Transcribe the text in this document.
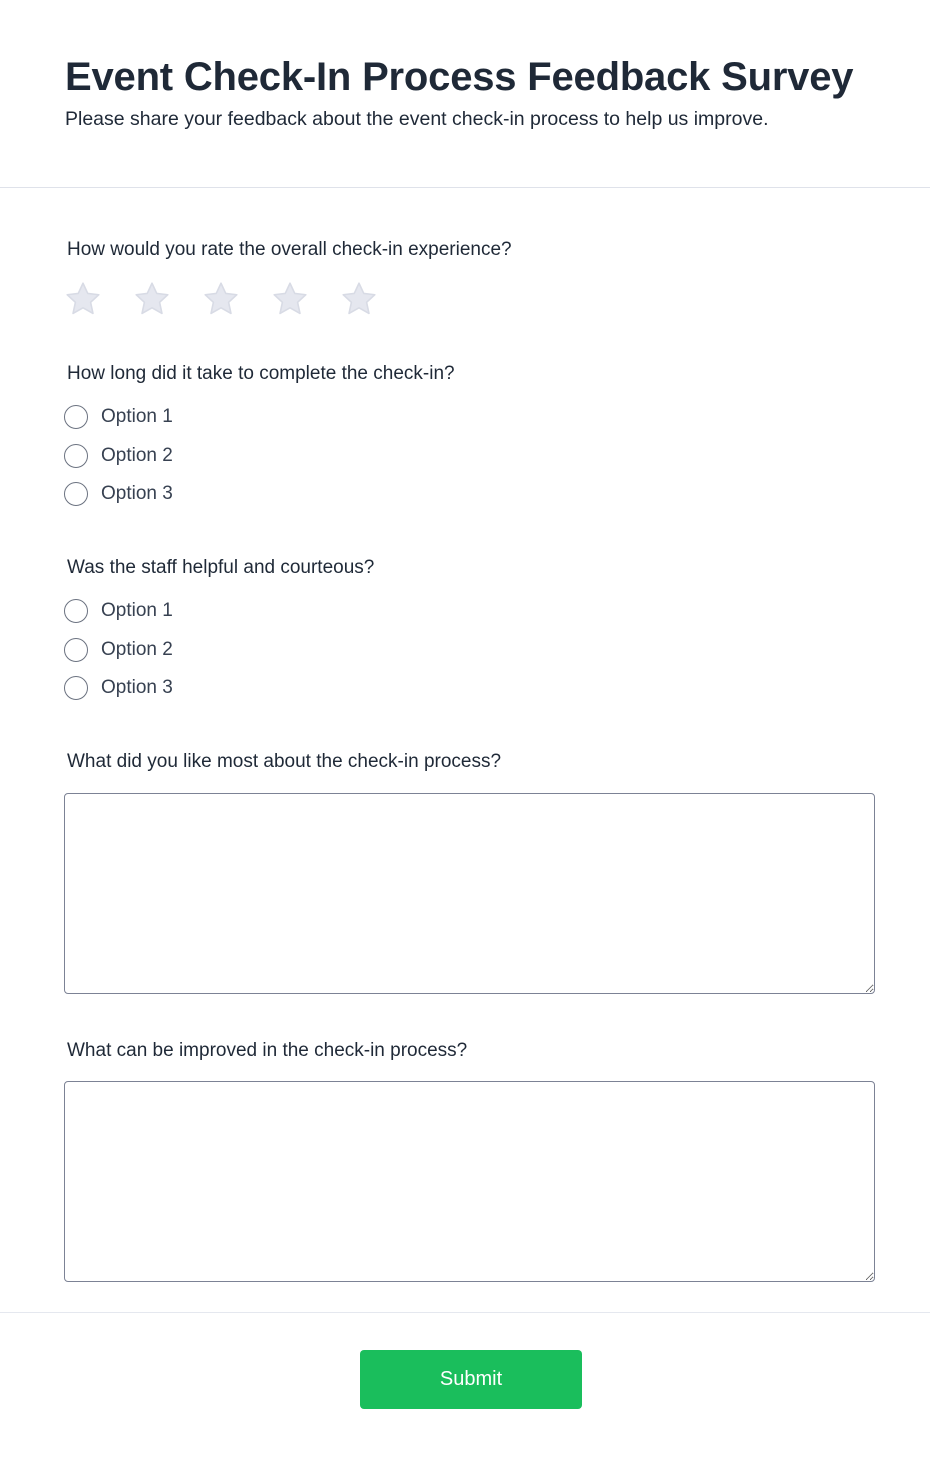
Event Check-In Process Feedback Survey

Please share your feedback about the event check-in process to help us improve.

How would you rate the overall check-in experience?
How long did it take to complete the check-in?
Option 1
Option 2
Option 3
Was the staff helpful and courteous?
Option 1
Option 2
Option 3
What did you like most about the check-in process?
What can be improved in the check-in process?
Submit
